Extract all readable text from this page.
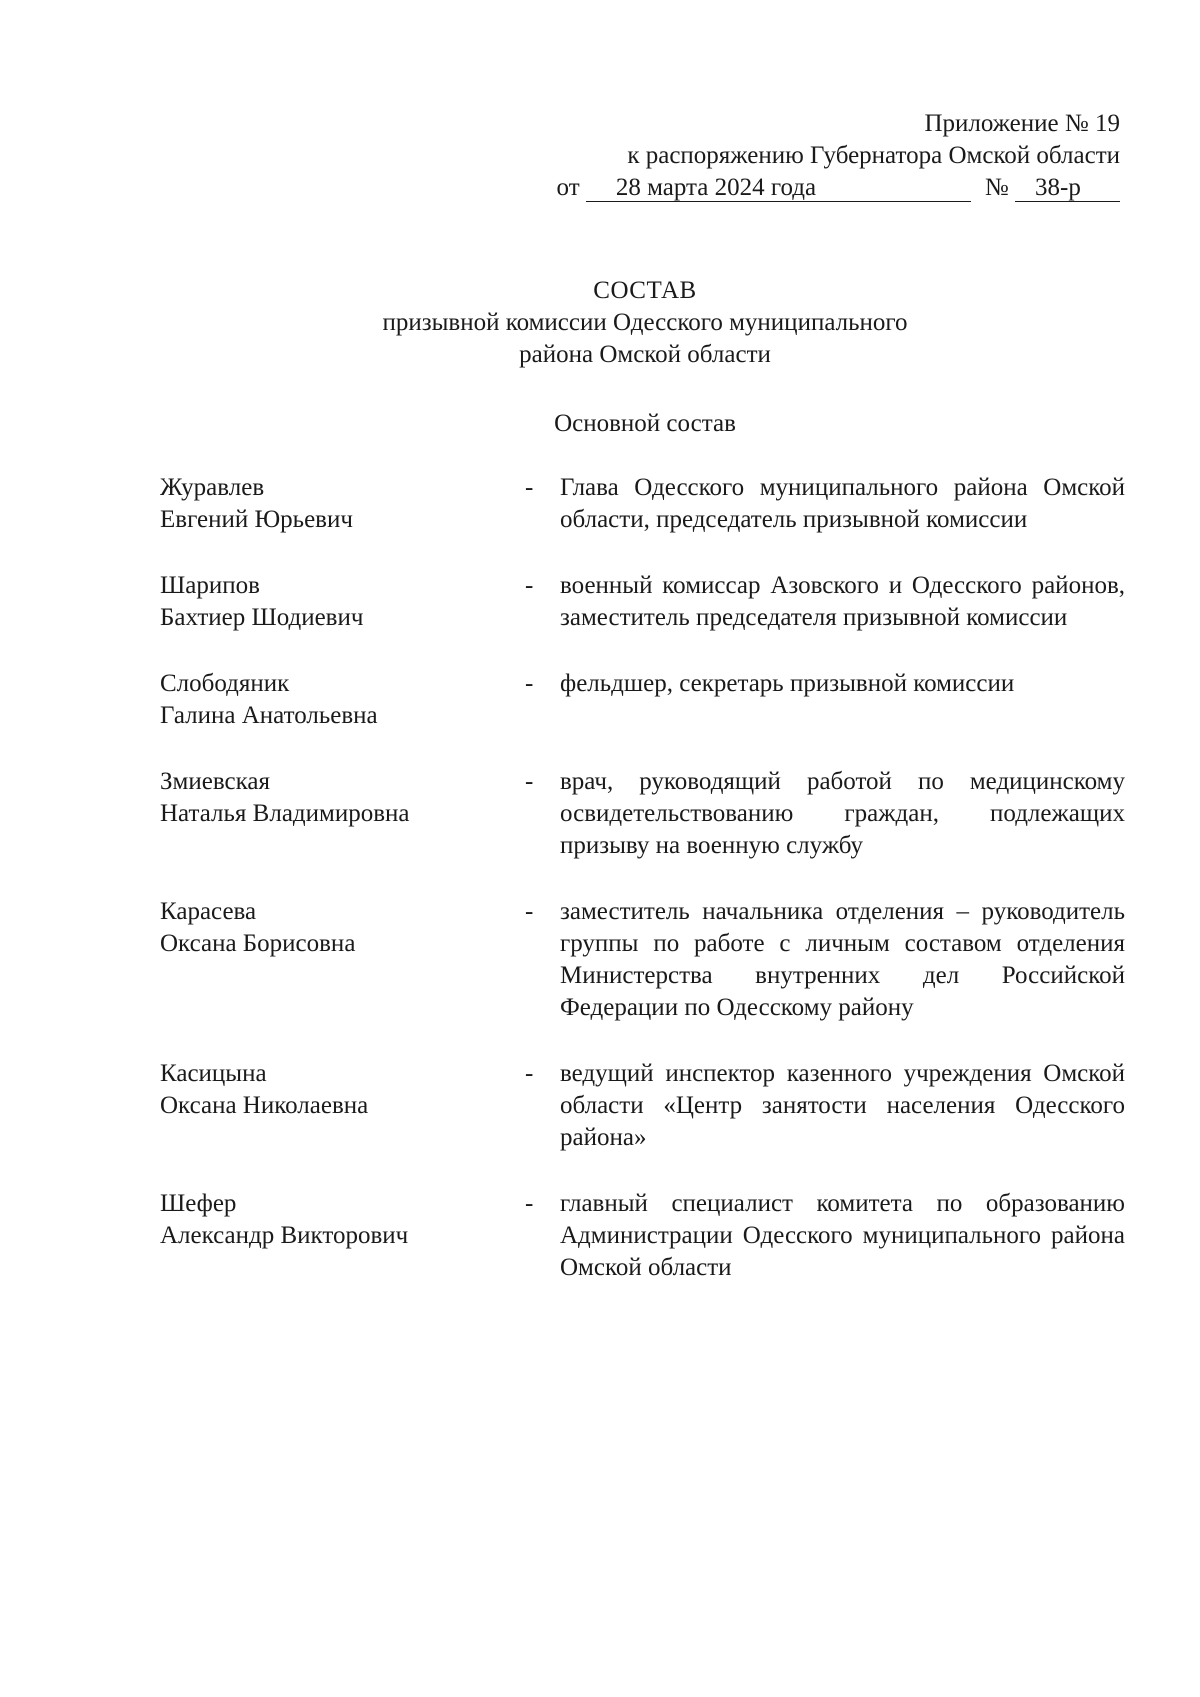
Приложение № 19
к распоряжению Губернатора Омской области
от 28 марта 2024 года	№ 38-р
СОСТАВ
призывной комиссии Одесского муниципального
района Омской области
Основной состав
Журавлев
Евгений Юрьевич
-	Глава Одесского муниципального района Омской области, председатель призывной комиссии
Шарипов
Бахтиер Шодиевич
-	военный комиссар Азовского и Одесского районов, заместитель председателя призывной комиссии
Слободяник
Галина Анатольевна
-	фельдшер, секретарь призывной комиссии
Змиевская
Наталья Владимировна
-	врач, руководящий работой по медицинскому освидетельствованию граждан, подлежащих призыву на военную службу
Карасева
Оксана Борисовна
-	заместитель начальника отделения – руководитель группы по работе с личным составом отделения Министерства внутренних дел Российской Федерации по Одесскому району
Касицына
Оксана Николаевна
-	ведущий инспектор казенного учреждения Омской области «Центр занятости населения Одесского района»
Шефер
Александр Викторович
-	главный специалист комитета по образованию Администрации Одесского муниципального района Омской области
